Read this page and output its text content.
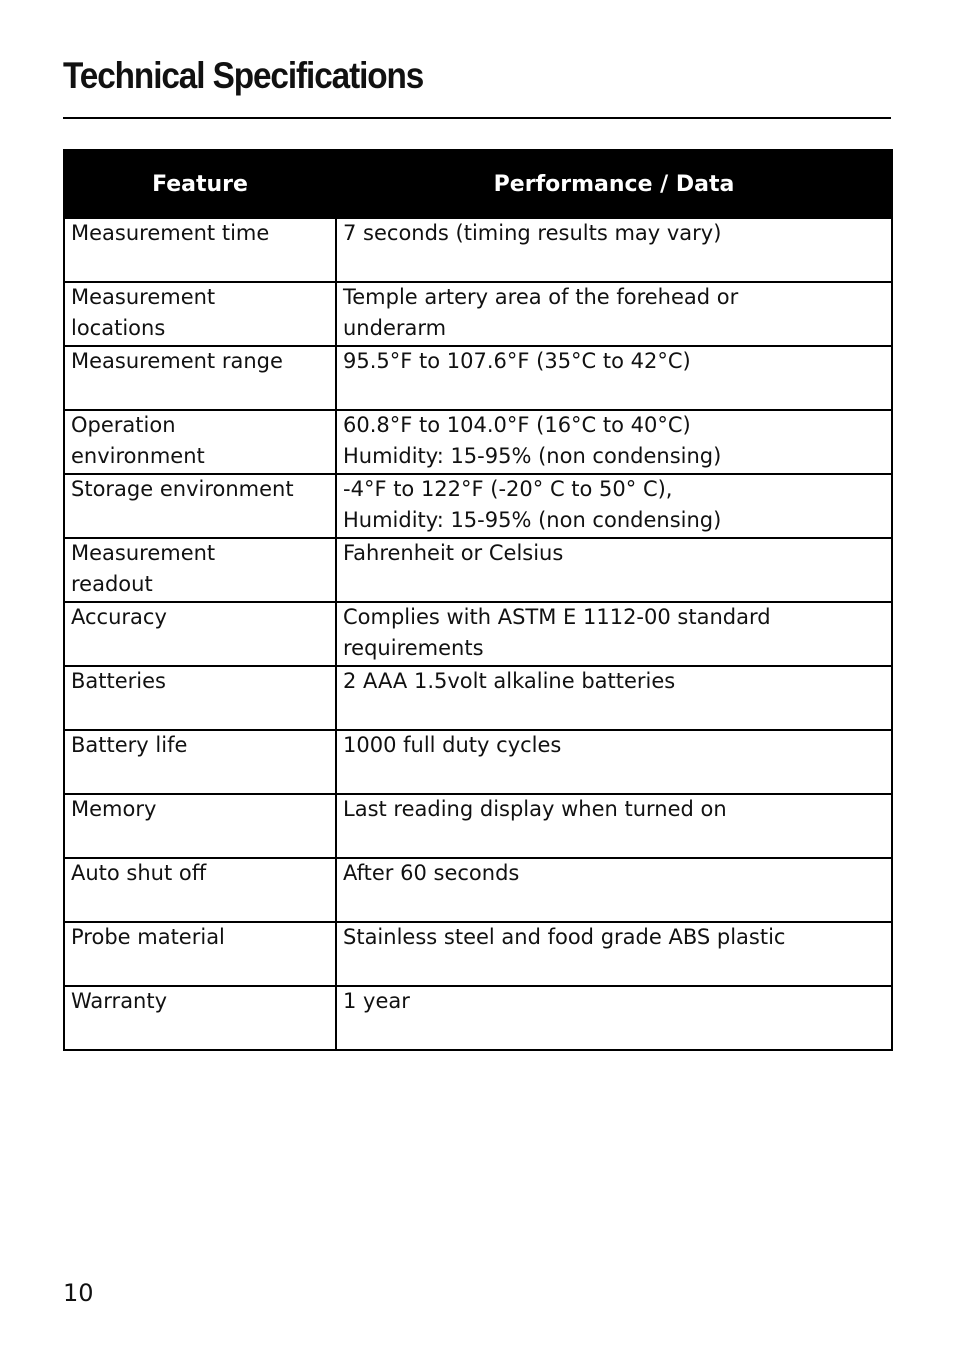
Technical Specifications
Feature	Performance / Data

Measurement time	7 seconds (timing results may vary)

Measurement
locations	Temple artery area of the forehead or
underarm

Measurement range	95.5°F to 107.6°F (35°C to 42°C)

Operation
environment	60.8°F to 104.0°F (16°C to 40°C)
Humidity: 15-95% (non condensing)

Storage environment	-4°F to 122°F (-20° C to 50° C),
Humidity: 15-95% (non condensing)

Measurement
readout	Fahrenheit or Celsius

Accuracy	Complies with ASTM E 1112-00 standard
requirements

Batteries	2 AAA 1.5volt alkaline batteries

Battery life	1000 full duty cycles

Memory	Last reading display when turned on

Auto shut off	After 60 seconds

Probe material	Stainless steel and food grade ABS plastic

Warranty	1 year
10
